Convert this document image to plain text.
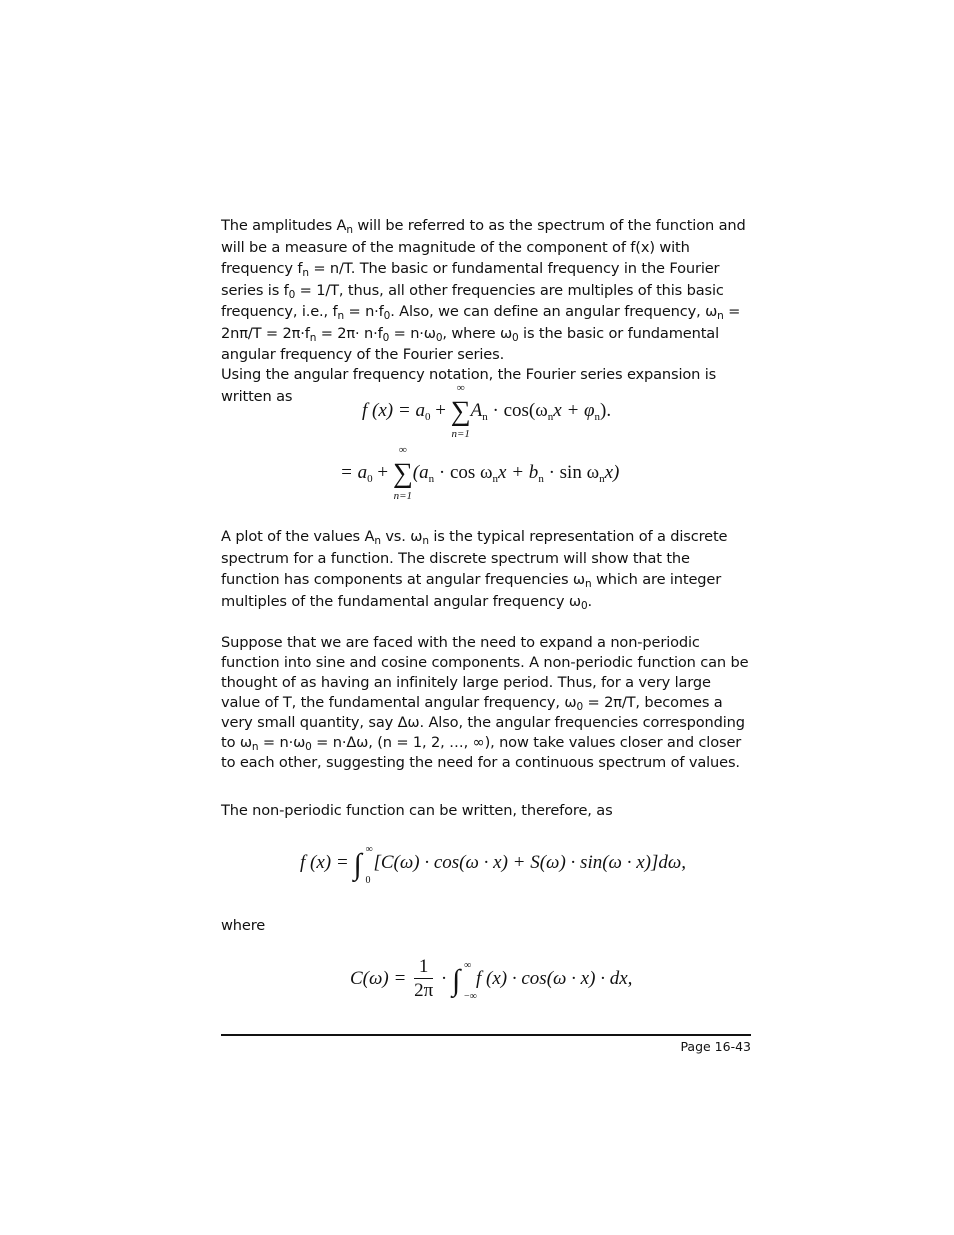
The amplitudes $A_n$ will be referred to as the spectrum of the function and will be a measure of the magnitude of the component of f(x) with frequency $f_n = n/T$. The basic or fundamental frequency in the Fourier series is $f_0 = 1/T$, thus, all other frequencies are multiples of this basic frequency, i.e., $f_n = n\cdot f_0$. Also, we can define an angular frequency, $\omega_n = 2n\pi/T = 2\pi\cdot f_n = 2\pi\cdot n\cdot f_0 = n\cdot\omega_0$, where $\omega_0$ is the basic or fundamental angular frequency of the Fourier series.
Using the angular frequency notation, the Fourier series expansion is written as
f $(x) = a_0$ + ∑
∞
n=1
$A_n \cdot \cos(\omega_nx + \varphi_n)$.
= $a_0$ + ∑
∞
n=1
$(a_n \cdot \cos \omega_nx + b_n \cdot \sin \omega_nx)$
A plot of the values $A_n$ vs. $\omega_n$ is the typical representation of a discrete spectrum for a function. The discrete spectrum will show that the function has components at angular frequencies $\omega_n$ which are integer multiples of the fundamental angular frequency $\omega_0$.
Suppose that we are faced with the need to expand a non-periodic function into sine and cosine components. A non-periodic function can be thought of as having an infinitely large period. Thus, for a very large value of T, the fundamental angular frequency, $\omega_0 = 2\pi/T$, becomes a very small quantity, say Δω. Also, the angular frequencies corresponding to $\omega_n = n\cdot\omega_0 = n\cdot\Delta\omega$, (n = 1, 2, …, ∞), now take values closer and closer to each other, suggesting the need for a continuous spectrum of values.
The non-periodic function can be written, therefore, as
f (x) = ∫ ∞
0
[C(ω) · cos(ω · x) + S(ω) · sin(ω · x)]dω,
where
$C(\omega) = \frac{1}{2\pi}$ · ∫ ∞
−∞
f (x) · cos(ω · x) · dx,
Page 16-43
